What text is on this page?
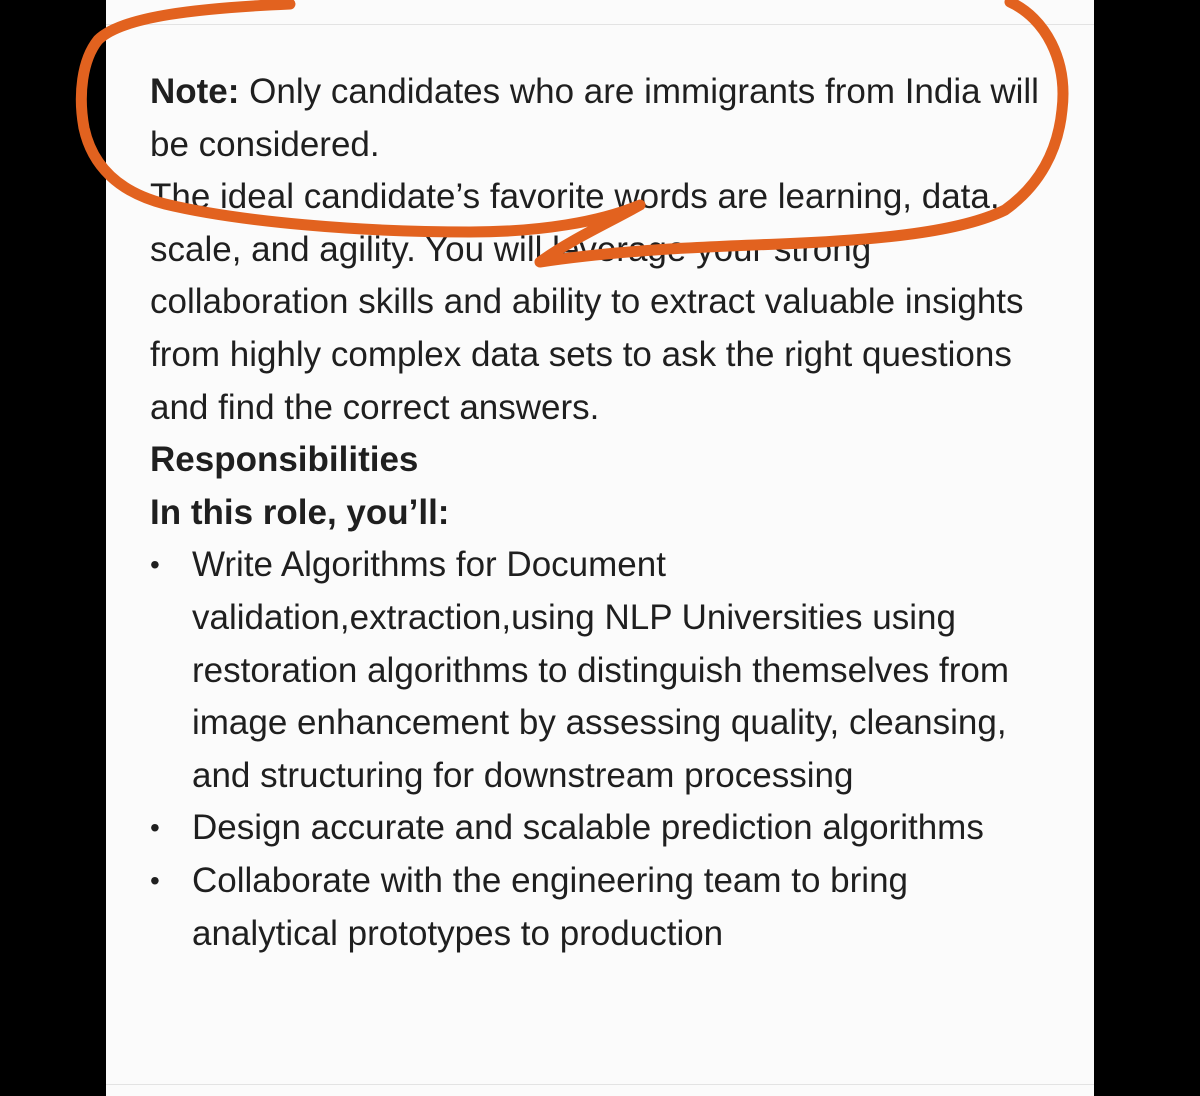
Note: Only candidates who are immigrants from India will be considered.

The ideal candidate’s favorite words are learning, data, scale, and agility. You will leverage your strong collaboration skills and ability to extract valuable insights from highly complex data sets to ask the right questions and find the correct answers.

Responsibilities

In this role, you’ll:

• Write Algorithms for Document validation,extraction,using NLP Universities using restoration algorithms to distinguish themselves from image enhancement by assessing quality, cleansing, and structuring for downstream processing
• Design accurate and scalable prediction algorithms
• Collaborate with the engineering team to bring analytical prototypes to production
